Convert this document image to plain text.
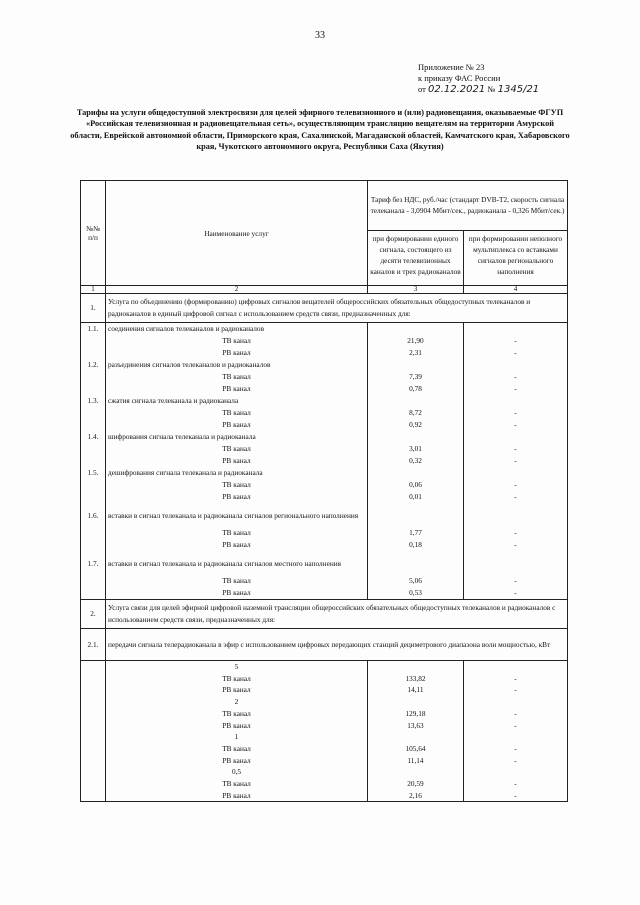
33
Приложение № 23
к приказу ФАС России
от 02.12.2021 № 1345/21
Тарифы на услуги общедоступной электросвязи для целей эфирного телевизионного и (или) радиовещания, оказываемые ФГУП «Российская телевизионная и радиовещательная сеть», осуществляющим трансляцию вещателям на территории Амурской области, Еврейской автономной области, Приморского края, Сахалинской, Магаданской областей, Камчатского края, Хабаровского края, Чукотского автономного округа, Республики Саха (Якутия)
№№ п/п	Наименование услуг	Тариф без НДС, руб./час (стандарт DVB-T2, скорость сигнала телеканала - 3,0904 Мбит/сек., радиоканала - 0,326 Мбит/сек.)	
		при формировании единого сигнала, состоящего из десяти телевизионных каналов и трех радиоканалов	при формировании неполного мультиплекса со вставками сигналов регионального наполнения
1	2	3	4
1.	Услуга по объединению (формированию) цифровых сигналов вещателей общероссийских обязательных общедоступных телеканалов и радиоканалов в единый цифровой сигнал с использованием средств связи, предназначенных для:		
1.1.	соединения сигналов телеканалов и радиоканалов		
	ТВ канал	21,90	-
	РВ канал	2,31	-
1.2.	разъединения сигналов телеканалов и радиоканалов		
	ТВ канал	7,39	-
	РВ канал	0,78	-
1.3.	сжатия сигнала телеканала и радиоканала		
	ТВ канал	8,72	-
	РВ канал	0,92	-
1.4.	шифрования сигнала телеканала и радиоканала		
	ТВ канал	3,01	-
	РВ канал	0,32	-
1.5.	дешифрования сигнала телеканала и радиоканала		
	ТВ канал	0,06	-
	РВ канал	0,01	-
1.6.	вставки в сигнал телеканала и радиоканала сигналов регионального наполнения		
	ТВ канал	1,77	-
	РВ канал	0,18	-
1.7.	вставки в сигнал телеканала и радиоканала сигналов местного наполнения		
	ТВ канал	5,06	-
	РВ канал	0,53	-
2.	Услуга связи для целей эфирной цифровой наземной трансляции общероссийских обязательных общедоступных телеканалов и радиоканалов с использованием средств связи, предназначенных для:		
2.1.	передачи сигнала телерадиоканала в эфир с использованием цифровых передающих станций дециметрового диапазона волн мощностью, кВт		
	5		
	ТВ канал	133,82	-
	РВ канал	14,11	-
	2		
	ТВ канал	129,18	-
	РВ канал	13,63	-
	1		
	ТВ канал	105,64	-
	РВ канал	11,14	-
	0,5		
	ТВ канал	20,59	-
	РВ канал	2,16	-
